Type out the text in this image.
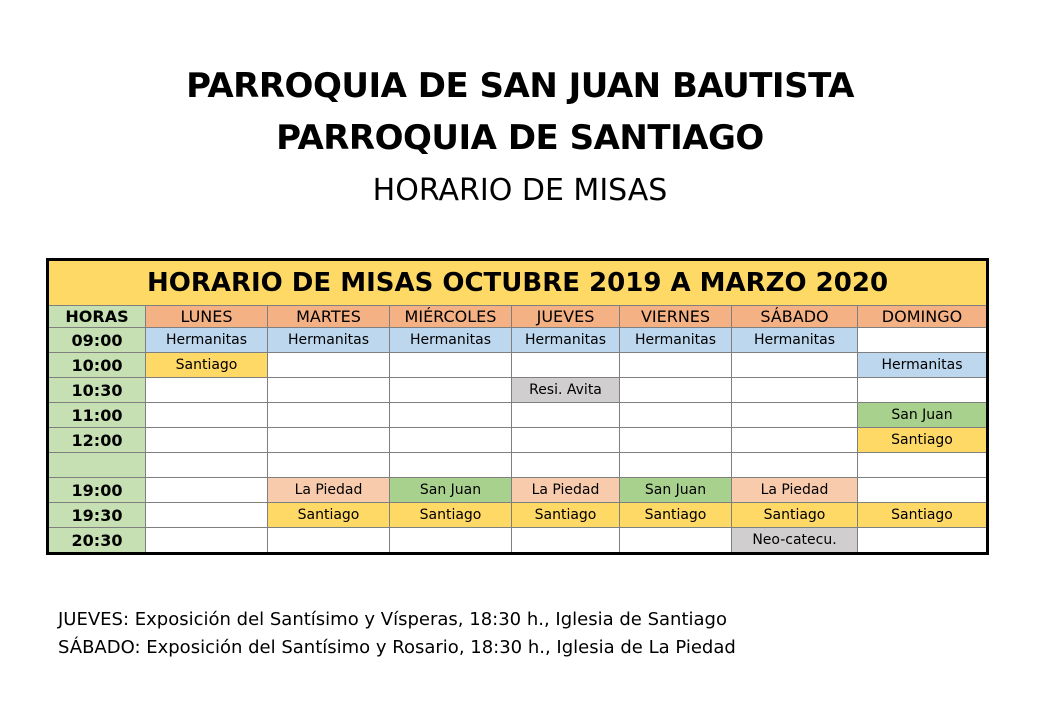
PARROQUIA DE SAN JUAN BAUTISTA
PARROQUIA DE SANTIAGO
HORARIO DE MISAS
HORARIO DE MISAS OCTUBRE 2019 A MARZO 2020							
HORAS	LUNES	MARTES	MIÉRCOLES	JUEVES	VIERNES	SÁBADO	DOMINGO
09:00	Hermanitas	Hermanitas	Hermanitas	Hermanitas	Hermanitas	Hermanitas	
10:00	Santiago						Hermanitas
10:30				Resi. Avita			
11:00							San Juan
12:00							Santiago

19:00		La Piedad	San Juan	La Piedad	San Juan	La Piedad	
19:30		Santiago	Santiago	Santiago	Santiago	Santiago	Santiago
20:30						Neo-catecu.	
JUEVES: Exposición del Santísimo y Vísperas, 18:30 h., Iglesia de Santiago
SÁBADO: Exposición del Santísimo y Rosario, 18:30 h., Iglesia de La Piedad
